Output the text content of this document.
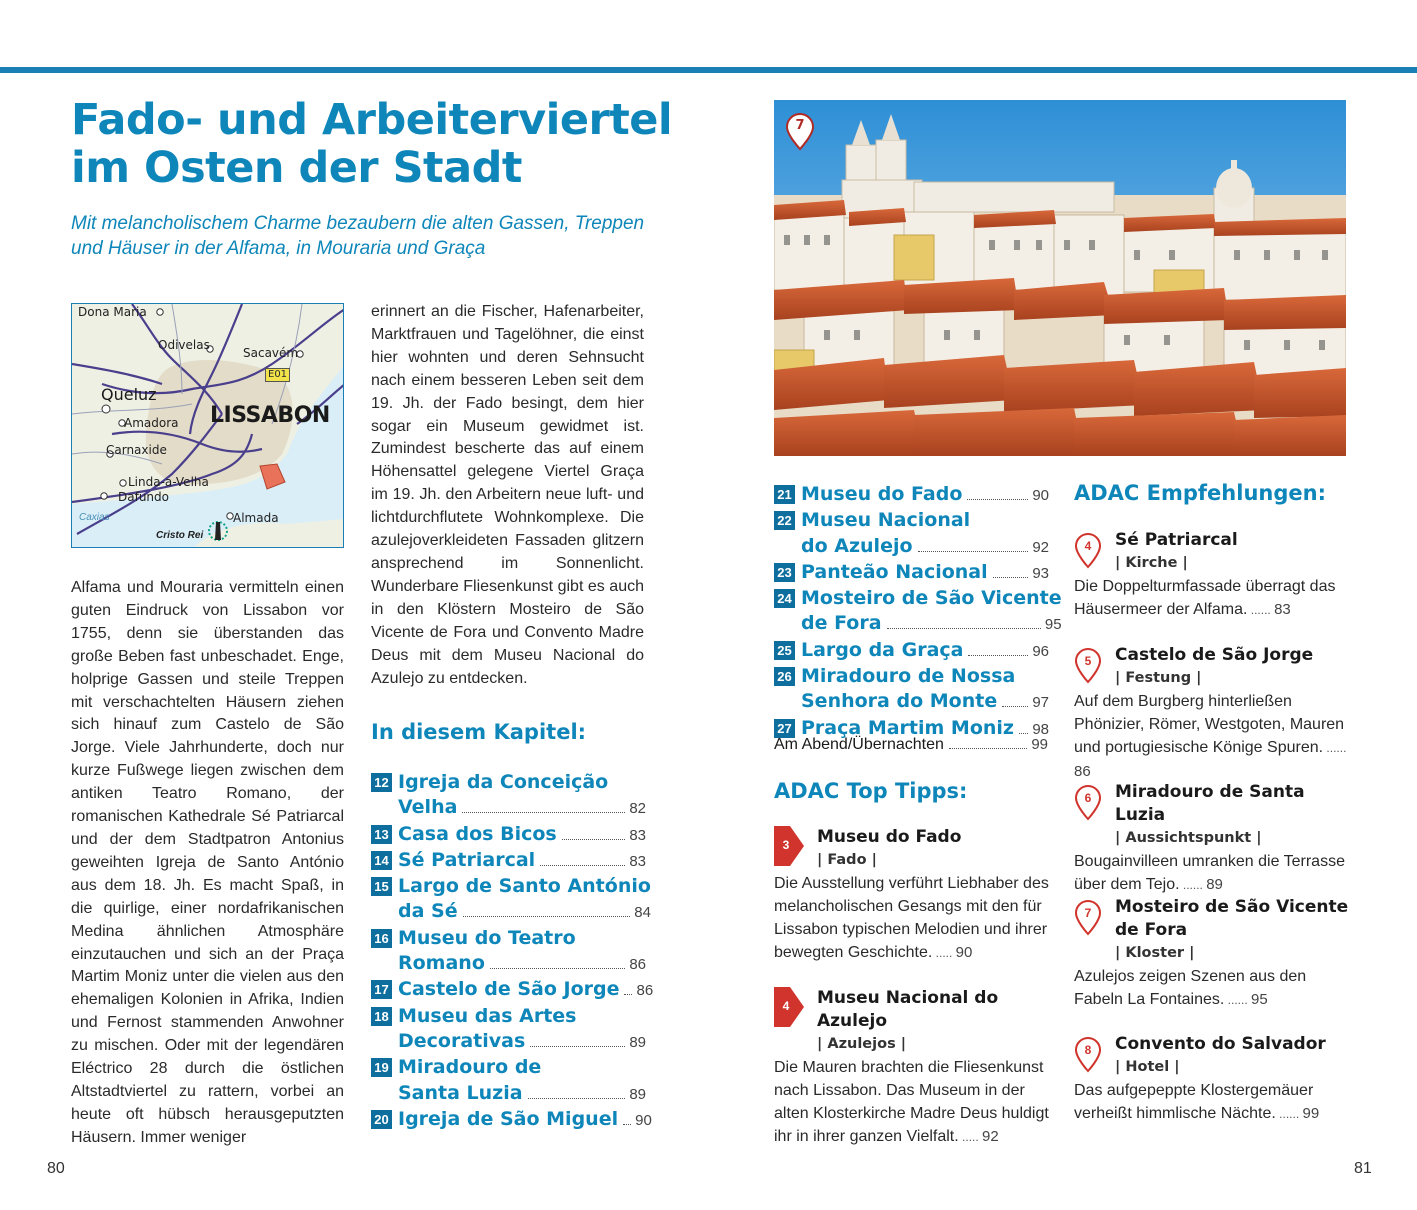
Fado- und Arbeiterviertel
im Osten der Stadt

Mit melancholischem Charme bezaubern die alten Gassen, Treppen und Häuser in der Alfama, in Mouraria und Graça

Dona Maria
Odivelas
Sacavém
E01
Queluz
Amadora LISSABON
Carnaxide
Linda-a-Velha
Dafundo
Caxias	Almada
Cristo Rei

Alfama und Mouraria vermitteln einen guten Eindruck von Lissabon vor 1755, denn sie überstanden das große Beben fast unbeschadet. Enge, holprige Gassen und steile Treppen mit verschachtelten Häusern ziehen sich hinauf zum Castelo de São Jorge. Viele Jahrhunderte, doch nur kurze Fußwege liegen zwischen dem antiken Teatro Romano, der romanischen Kathedrale Sé Patriarcal und der dem Stadtpatron Antonius geweihten Igreja de Santo António aus dem 18. Jh. Es macht Spaß, in die quirlige, einer nordafrikanischen Medina ähnlichen Atmosphäre einzutauchen und sich an der Praça Martim Moniz unter die vielen aus den ehemaligen Kolonien in Afrika, Indien und Fernost stammenden Anwohner zu mischen. Oder mit der legendären Eléctrico 28 durch die östlichen Altstadtviertel zu rattern, vorbei an heute oft hübsch herausgeputzten Häusern. Immer weniger

erinnert an die Fischer, Hafenarbeiter, Marktfrauen und Tagelöhner, die einst hier wohnten und deren Sehnsucht nach einem besseren Leben seit dem 19. Jh. der Fado besingt, dem hier sogar ein Museum gewidmet ist. Zumindest bescherte das auf einem Höhensattel gelegene Viertel Graça im 19. Jh. den Arbeitern neue luft- und lichtdurchflutete Wohnkomplexe. Die azulejoverkleideten Fassaden glitzern ansprechend im Sonnenlicht. Wunderbare Fliesenkunst gibt es auch in den Klöstern Mosteiro de São Vicente de Fora und Convento Madre Deus mit dem Museu Nacional do Azulejo zu entdecken.

In diesem Kapitel:
12 Igreja da Conceição
Velha	82
13 Casa dos Bicos	83
14 Sé Patriarcal	83
15 Largo de Santo António
da Sé	84
16 Museu do Teatro
Romano	86
17 Castelo de São Jorge 86
18 Museu das Artes
Decorativas	89
19 Miradouro de
Santa Luzia	89
20 Igreja de São Miguel 90
7
21 Museu do Fado	90
22 Museu Nacional
do Azulejo	92
23 Panteão Nacional	93
24 Mosteiro de São Vicente
de Fora	95
25 Largo da Graça	96
26 Miradouro de Nossa
Senhora do Monte 97
27 Praça Martim Moniz 98
Am Abend/Übernachten	99
ADAC Top Tipps:
3	Museu do Fado
| Fado |
Die Ausstellung verführt Liebhaber des melancholischen Gesangs mit den für Lissabon typischen Melodien und ihrer bewegten Geschichte. ..... 90
4	Museu Nacional do Azulejo
| Azulejos |
Die Mauren brachten die Fliesenkunst nach Lissabon. Das Museum in der alten Klosterkirche Madre Deus huldigt ihr in ihrer ganzen Vielfalt. ..... 92
ADAC Empfehlungen:
4	Sé Patriarcal
| Kirche |
Die Doppelturmfassade überragt das Häusermeer der Alfama. ...... 83
5	Castelo de São Jorge
| Festung |
Auf dem Burgberg hinterließen Phönizier, Römer, Westgoten, Mauren und portugiesische Könige Spuren. ...... 86
6	Miradouro de Santa Luzia
| Aussichtspunkt |
Bougainvilleen umranken die Terrasse über dem Tejo. ...... 89
7	Mosteiro de São Vicente
de Fora
| Kloster |
Azulejos zeigen Szenen aus den Fabeln La Fontaines. ...... 95
8	Convento do Salvador
| Hotel |
Das aufgepeppte Klostergemäuer verheißt himmlische Nächte. ...... 99
80	81
